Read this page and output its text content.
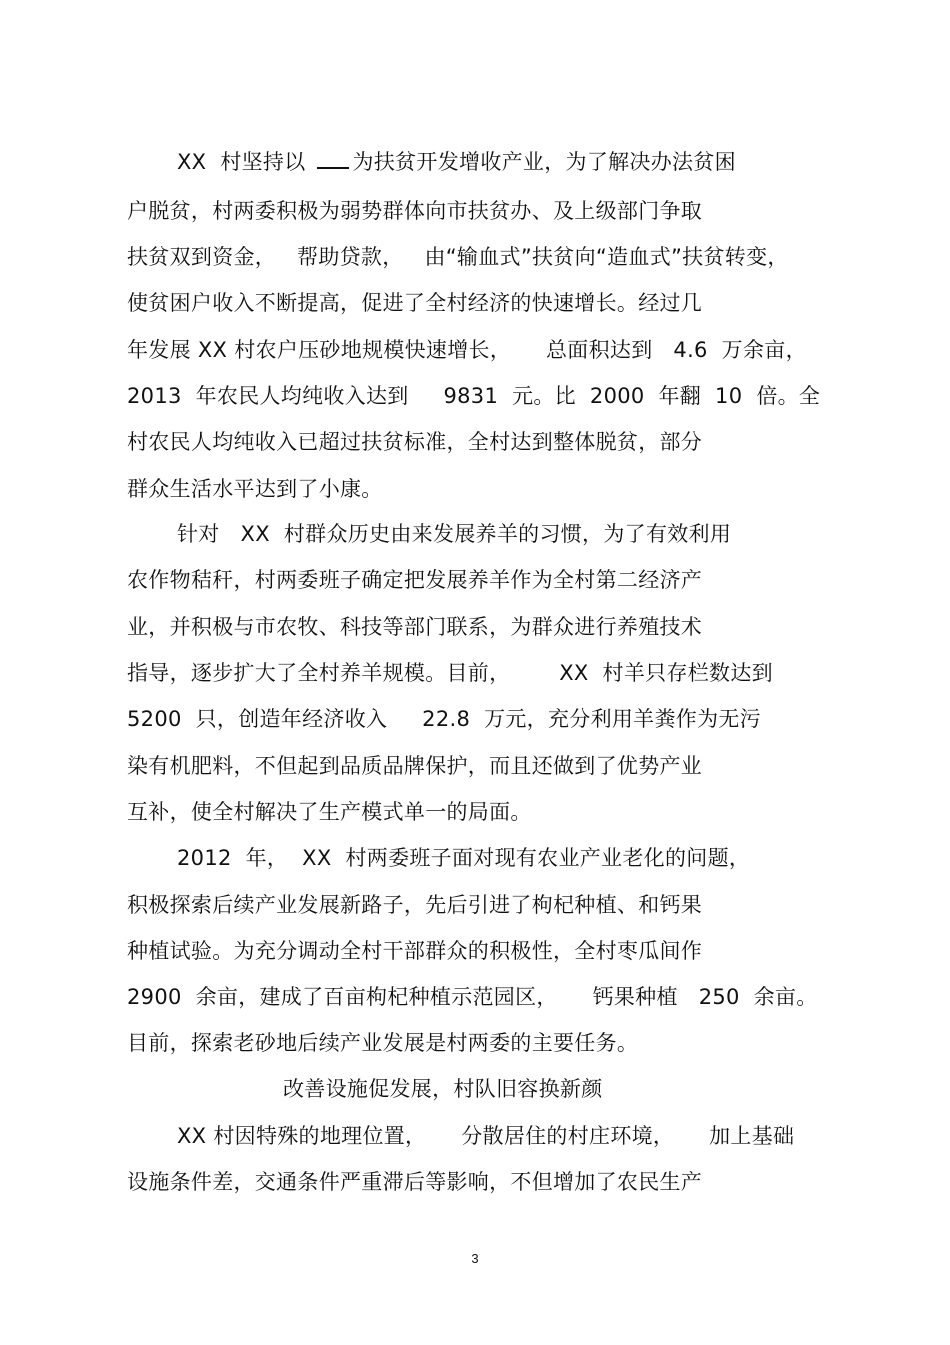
XX  村坚持以 为扶贫开发增收产业，为了解决办法贫困
户脱贫，村两委积极为弱势群体向市扶贫办、及上级部门争取
扶贫双到资金，   帮助贷款，   由“输血式”扶贫向“造血式”扶贫转变，
使贫困户收入不断提高，促进了全村经济的快速增长。经过几
年发展 XX 村农户压砂地规模快速增长，     总面积达到   4.6  万余亩，
2013  年农民人均纯收入达到     9831  元。比  2000  年翻  10  倍。全
村农民人均纯收入已超过扶贫标准，全村达到整体脱贫，部分
群众生活水平达到了小康。
针对   XX  村群众历史由来发展养羊的习惯，为了有效利用
农作物秸秆，村两委班子确定把发展养羊作为全村第二经济产
业，并积极与市农牧、科技等部门联系，为群众进行养殖技术
指导，逐步扩大了全村养羊规模。目前，       XX  村羊只存栏数达到
5200  只，创造年经济收入     22.8  万元，充分利用羊粪作为无污
染有机肥料，不但起到品质品牌保护，而且还做到了优势产业
互补，使全村解决了生产模式单一的局面。
2012  年，  XX  村两委班子面对现有农业产业老化的问题，
积极探索后续产业发展新路子，先后引进了枸杞种植、和钙果
种植试验。为充分调动全村干部群众的积极性，全村枣瓜间作
2900  余亩，建成了百亩枸杞种植示范园区，     钙果种植   250  余亩。
目前，探索老砂地后续产业发展是村两委的主要任务。
改善设施促发展，村队旧容换新颜
XX 村因特殊的地理位置，     分散居住的村庄环境，     加上基础
设施条件差，交通条件严重滞后等影响，不但增加了农民生产
3
